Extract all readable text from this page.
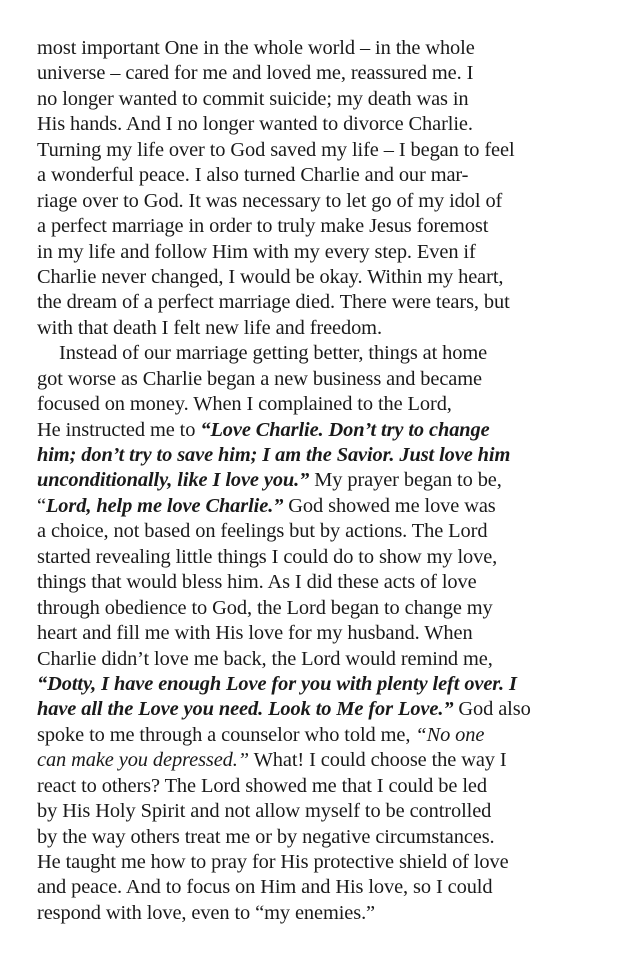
most important One in the whole world – in the whole
universe – cared for me and loved me, reassured me. I
no longer wanted to commit suicide; my death was in
His hands. And I no longer wanted to divorce Charlie.
Turning my life over to God saved my life – I began to feel
a wonderful peace. I also turned Charlie and our mar-
riage over to God. It was necessary to let go of my idol of
a perfect marriage in order to truly make Jesus foremost
in my life and follow Him with my every step. Even if
Charlie never changed, I would be okay. Within my heart,
the dream of a perfect marriage died. There were tears, but
with that death I felt new life and freedom.
Instead of our marriage getting better, things at home
got worse as Charlie began a new business and became
focused on money. When I complained to the Lord,
He instructed me to “Love Charlie. Don’t try to change
him; don’t try to save him; I am the Savior. Just love him
unconditionally, like I love you.” My prayer began to be,
“Lord, help me love Charlie.” God showed me love was
a choice, not based on feelings but by actions. The Lord
started revealing little things I could do to show my love,
things that would bless him. As I did these acts of love
through obedience to God, the Lord began to change my
heart and fill me with His love for my husband. When
Charlie didn’t love me back, the Lord would remind me,
“Dotty, I have enough Love for you with plenty left over. I
have all the Love you need. Look to Me for Love.” God also
spoke to me through a counselor who told me, “No one
can make you depressed.” What! I could choose the way I
react to others? The Lord showed me that I could be led
by His Holy Spirit and not allow myself to be controlled
by the way others treat me or by negative circumstances.
He taught me how to pray for His protective shield of love
and peace. And to focus on Him and His love, so I could
respond with love, even to “my enemies.”
